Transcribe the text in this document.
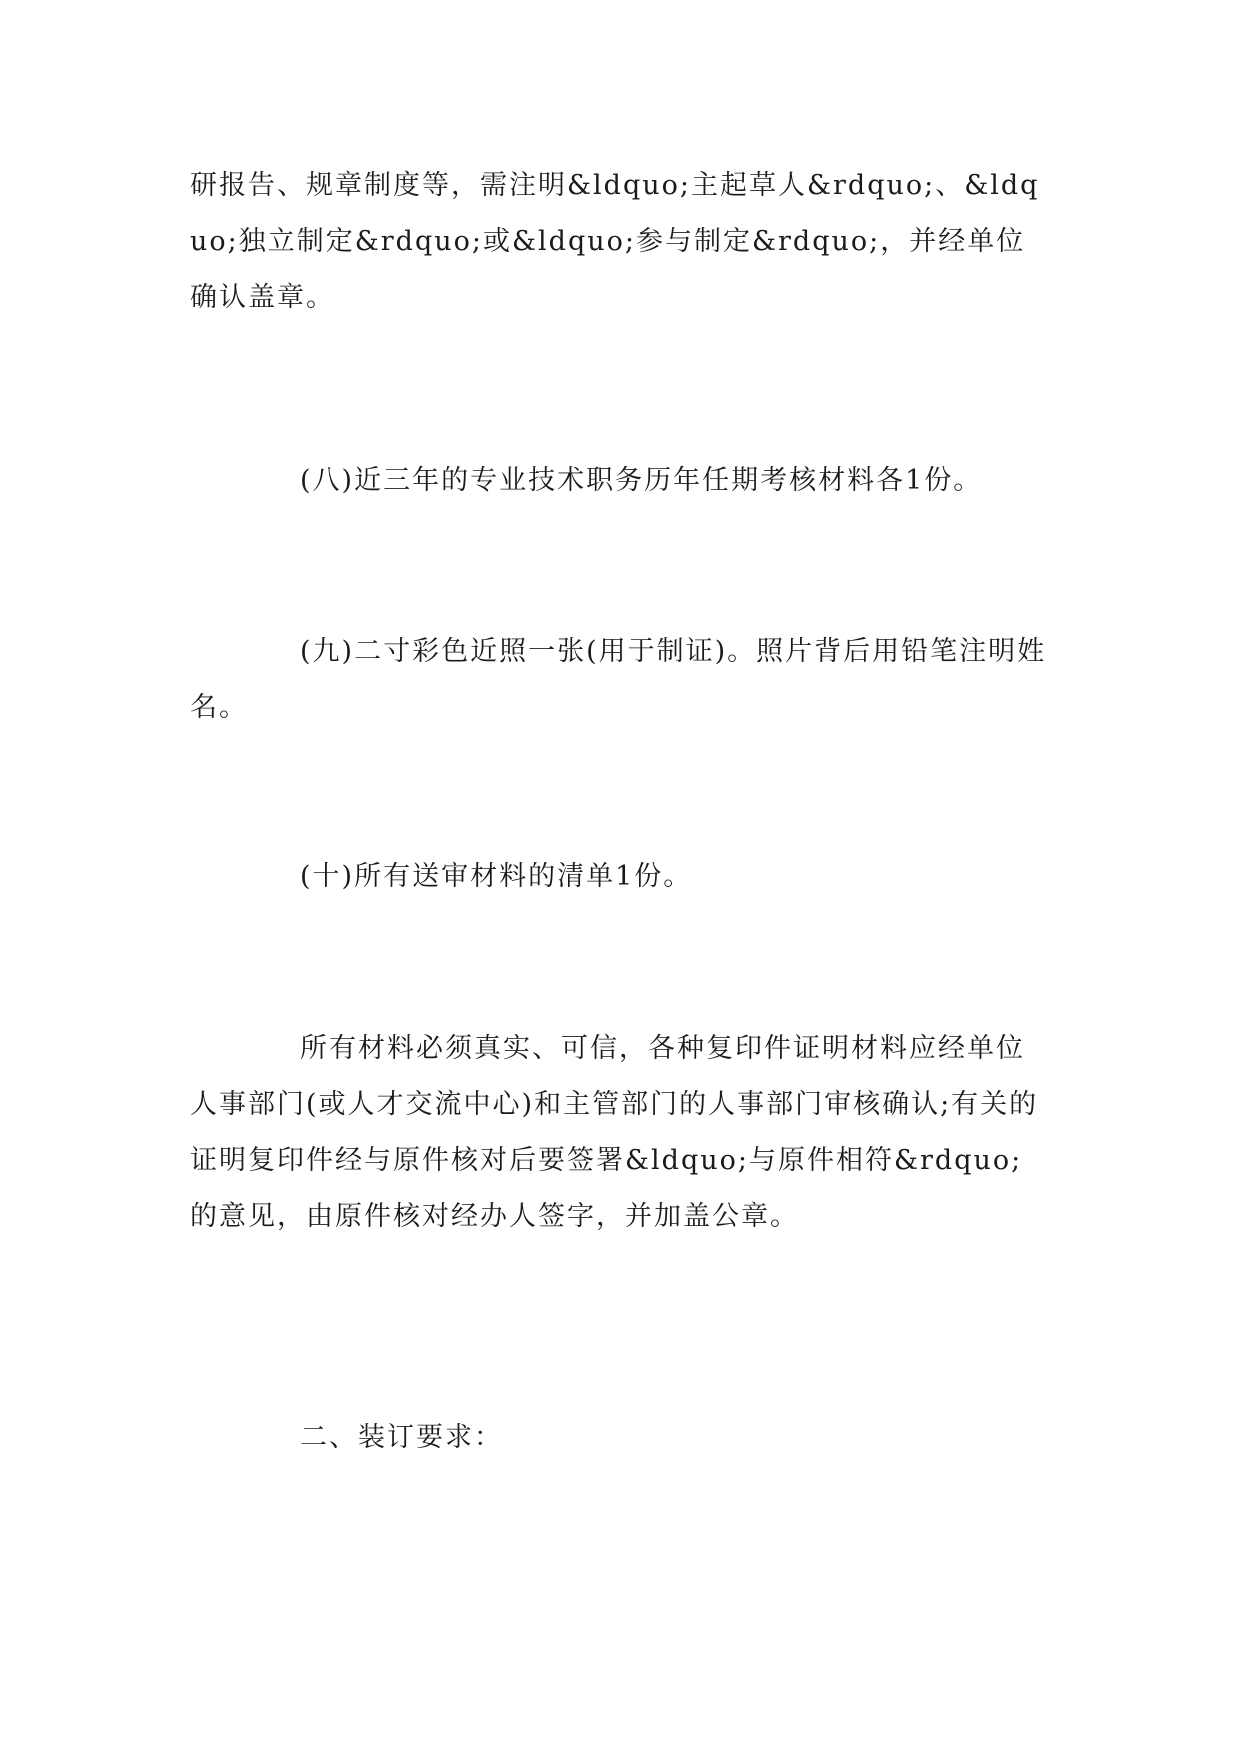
研报告、规章制度等，需注明&ldquo;主起草人&rdquo;、&ldquo;独立制定&rdquo;或&ldquo;参与制定&rdquo;，并经单位确认盖章。

(八)近三年的专业技术职务历年任期考核材料各1份。

(九)二寸彩色近照一张(用于制证)。照片背后用铅笔注明姓名。

(十)所有送审材料的清单1份。

所有材料必须真实、可信，各种复印件证明材料应经单位人事部门(或人才交流中心)和主管部门的人事部门审核确认;有关的证明复印件经与原件核对后要签署&ldquo;与原件相符&rdquo;的意见，由原件核对经办人签字，并加盖公章。

二、装订要求：
